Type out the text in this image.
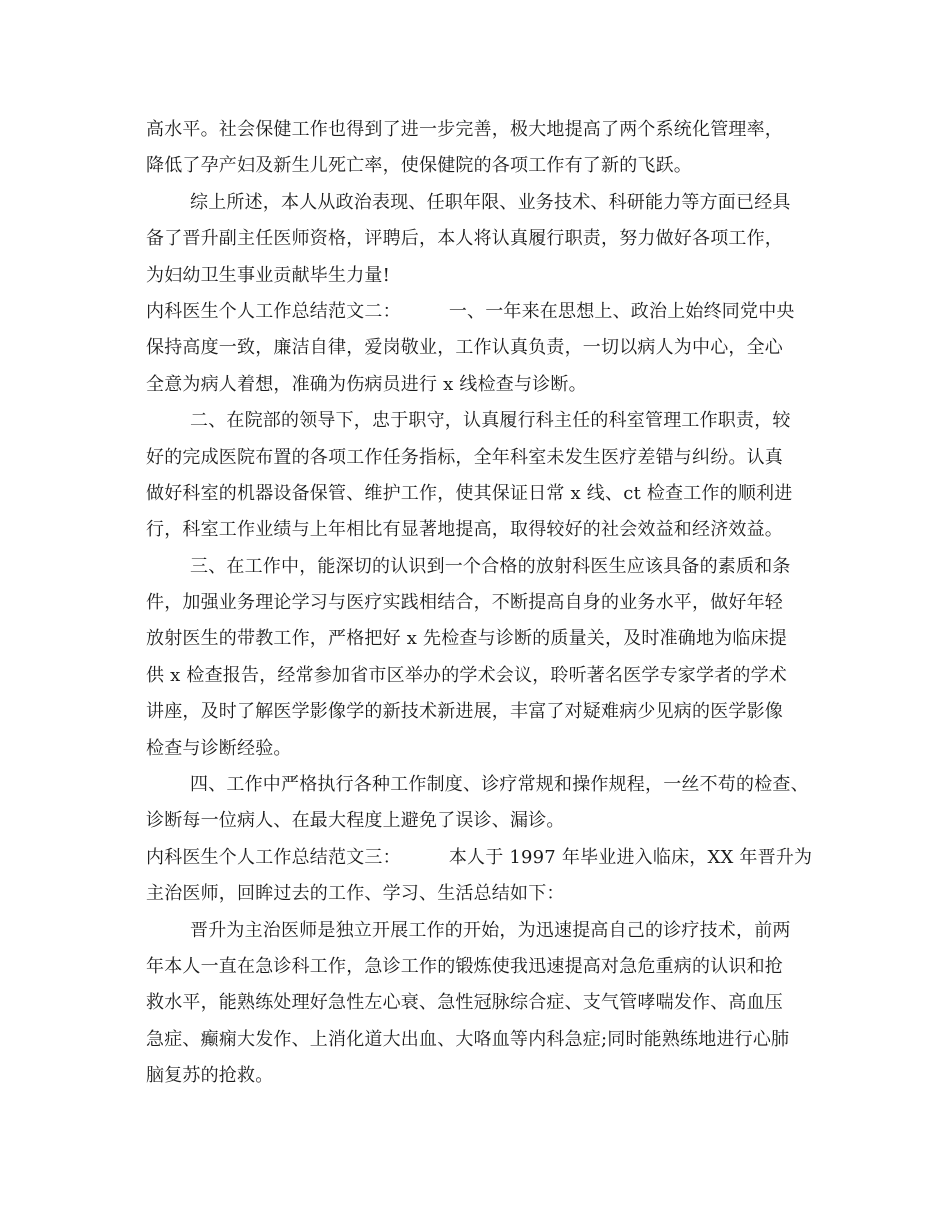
高水平。社会保健工作也得到了进一步完善，极大地提高了两个系统化管理率，
降低了孕产妇及新生儿死亡率，使保健院的各项工作有了新的飞跃。
综上所述，本人从政治表现、任职年限、业务技术、科研能力等方面已经具
备了晋升副主任医师资格，评聘后，本人将认真履行职责，努力做好各项工作，
为妇幼卫生事业贡献毕生力量!
内科医生个人工作总结范文二：	一、一年来在思想上、政治上始终同党中央
保持高度一致，廉洁自律，爱岗敬业，工作认真负责，一切以病人为中心，全心
全意为病人着想，准确为伤病员进行 x 线检查与诊断。
二、在院部的领导下，忠于职守，认真履行科主任的科室管理工作职责，较
好的完成医院布置的各项工作任务指标，全年科室未发生医疗差错与纠纷。认真
做好科室的机器设备保管、维护工作，使其保证日常 x 线、ct 检查工作的顺利进
行，科室工作业绩与上年相比有显著地提高，取得较好的社会效益和经济效益。
三、在工作中，能深切的认识到一个合格的放射科医生应该具备的素质和条
件，加强业务理论学习与医疗实践相结合，不断提高自身的业务水平，做好年轻
放射医生的带教工作，严格把好 x 先检查与诊断的质量关，及时准确地为临床提
供 x 检查报告，经常参加省市区举办的学术会议，聆听著名医学专家学者的学术
讲座，及时了解医学影像学的新技术新进展，丰富了对疑难病少见病的医学影像
检查与诊断经验。
四、工作中严格执行各种工作制度、诊疗常规和操作规程，一丝不苟的检查、
诊断每一位病人、在最大程度上避免了误诊、漏诊。
内科医生个人工作总结范文三：	本人于 1997 年毕业进入临床，XX 年晋升为
主治医师，回眸过去的工作、学习、生活总结如下：
晋升为主治医师是独立开展工作的开始，为迅速提高自己的诊疗技术，前两
年本人一直在急诊科工作，急诊工作的锻炼使我迅速提高对急危重病的认识和抢
救水平，能熟练处理好急性左心衰、急性冠脉综合症、支气管哮喘发作、高血压
急症、癫痫大发作、上消化道大出血、大咯血等内科急症;同时能熟练地进行心肺
脑复苏的抢救。
